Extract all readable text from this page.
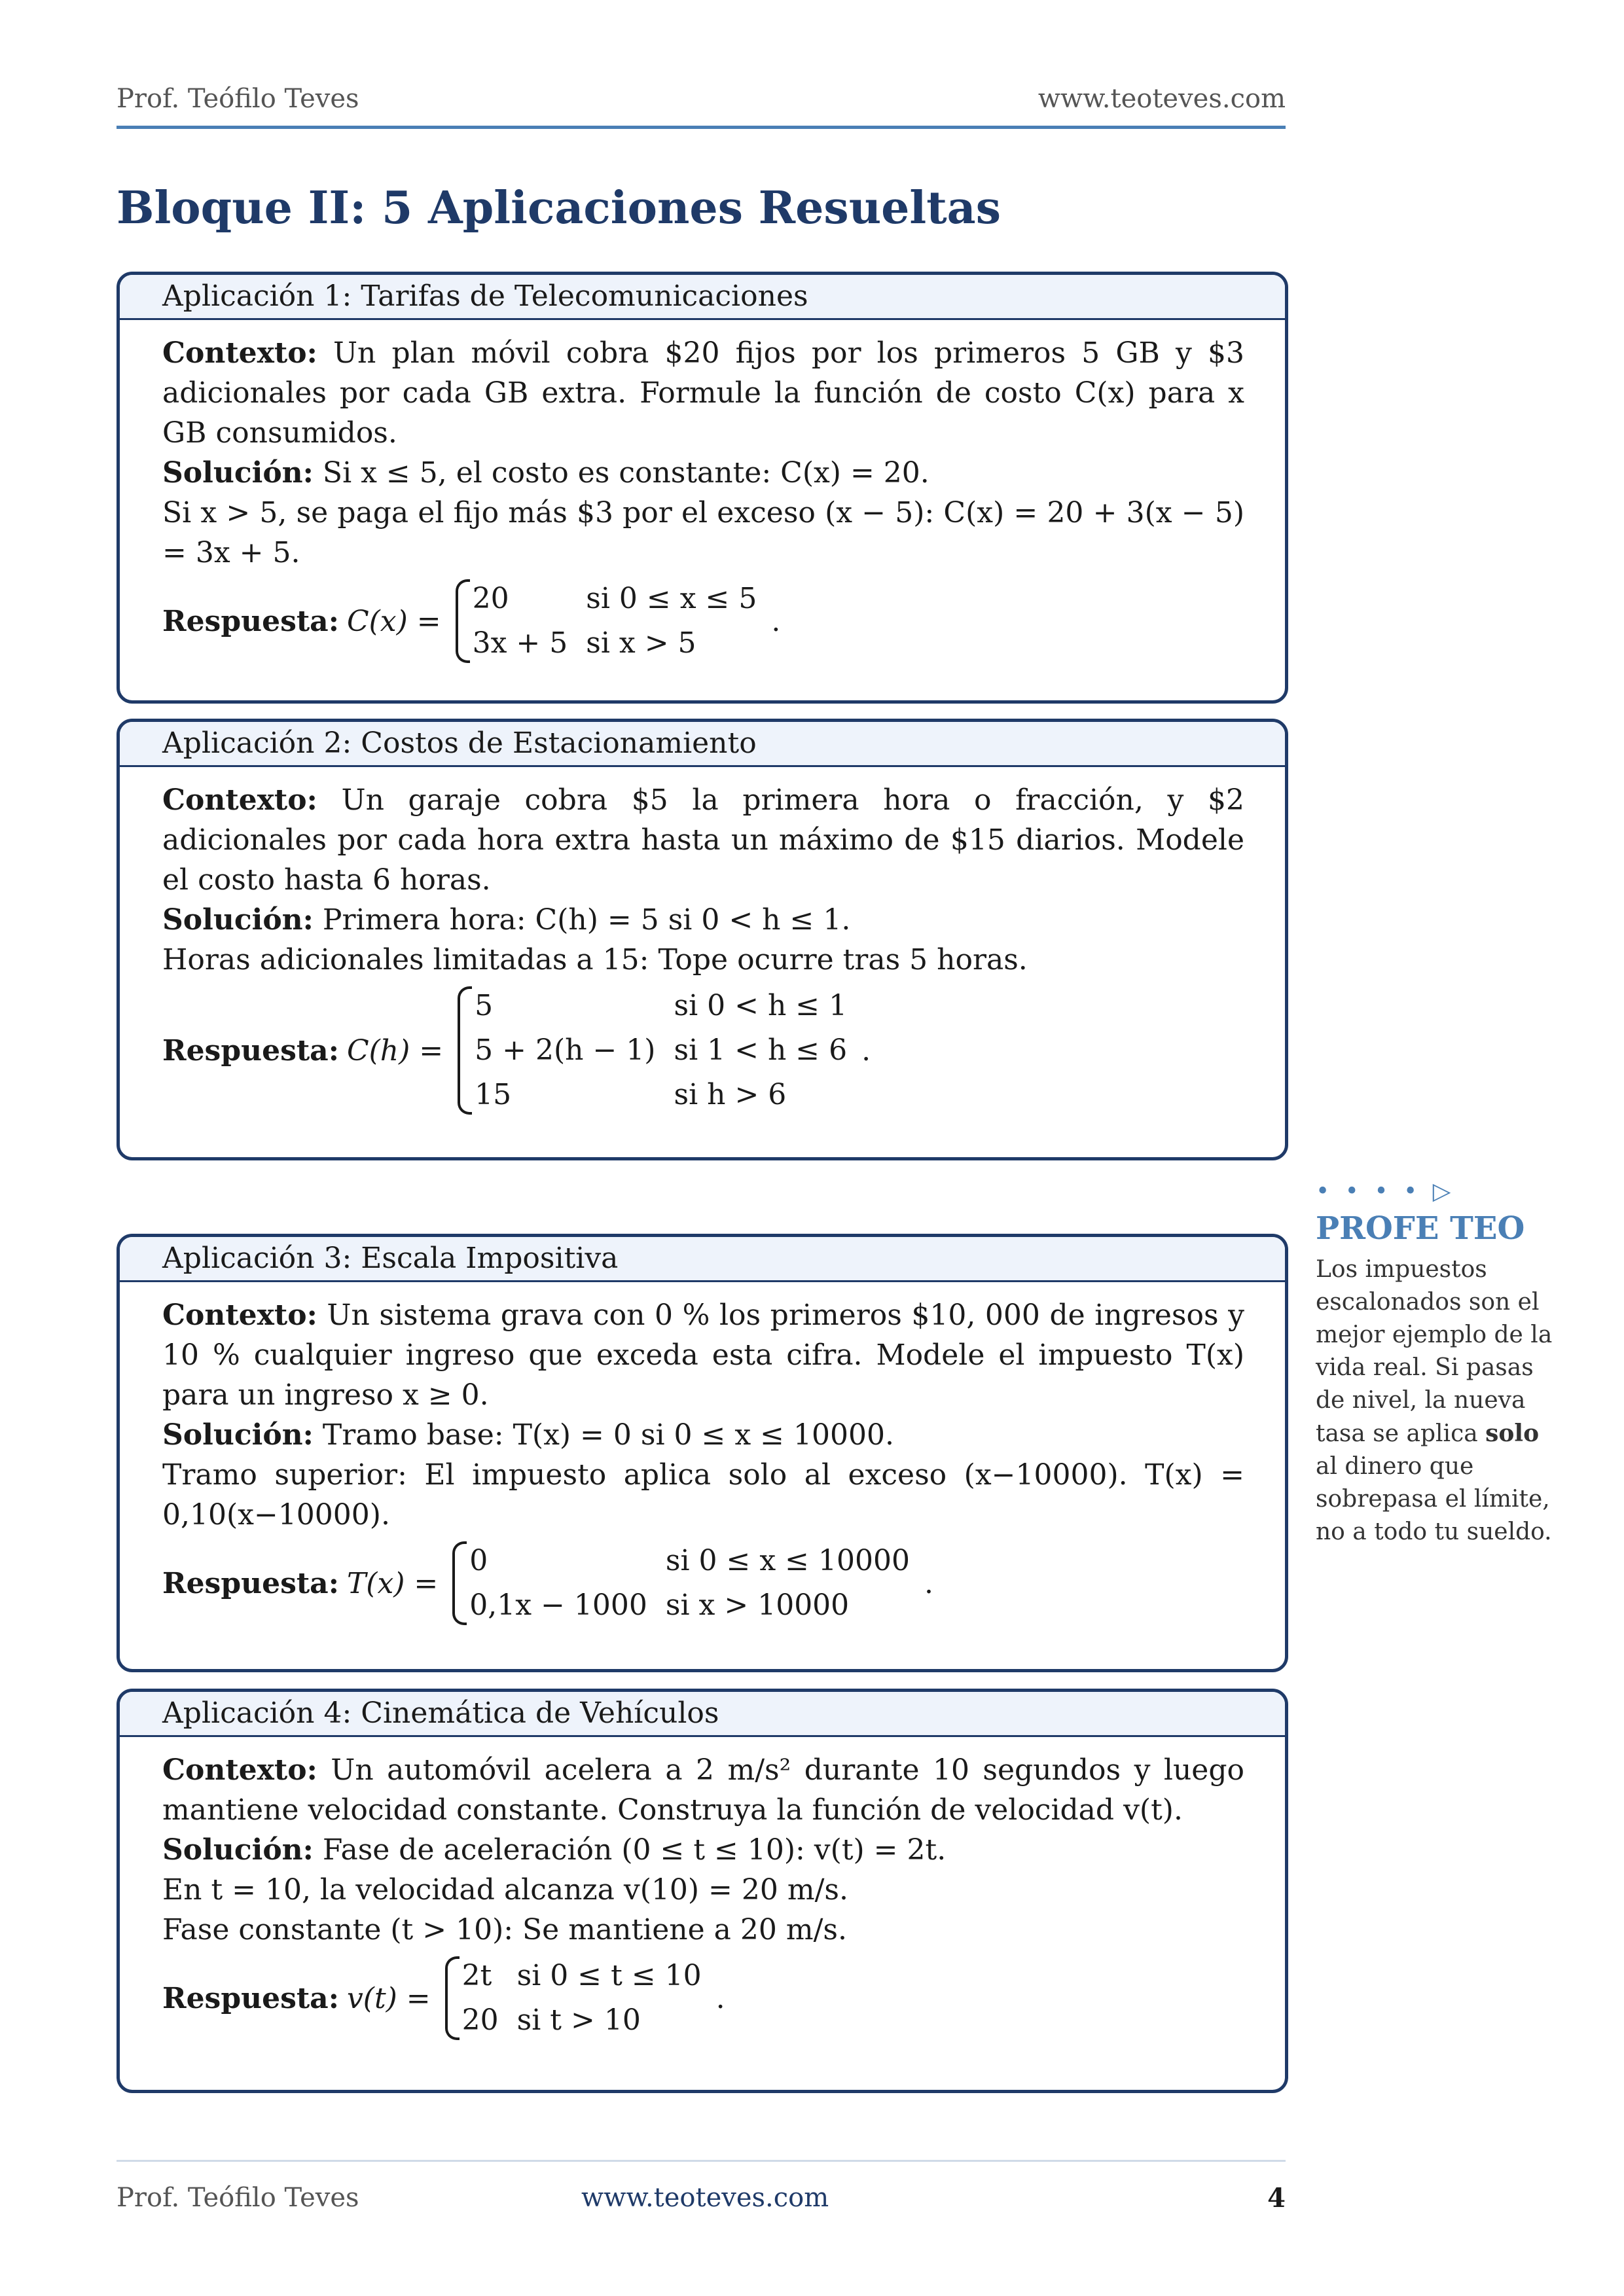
Prof. Teófilo Teves	www.teoteves.com
Bloque II: 5 Aplicaciones Resueltas
Aplicación 1: Tarifas de Telecomunicaciones

Contexto: Un plan móvil cobra $20 fijos por los primeros 5 GB y $3 adicionales por cada GB extra. Formule la función de costo C(x) para x GB consumidos.

Solución: Si x ≤ 5, el costo es constante: C(x) = 20.

Si x > 5, se paga el fijo más $3 por el exceso (x − 5): C(x) = 20 + 3(x − 5) = 3x + 5.

Respuesta: C(x) =
20	si 0 ≤ x ≤ 5
3x + 5	si x > 5
.
Aplicación 2: Costos de Estacionamiento

Contexto: Un garaje cobra $5 la primera hora o fracción, y $2 adicionales por cada hora extra hasta un máximo de $15 diarios. Modele el costo hasta 6 horas.

Solución: Primera hora: C(h) = 5 si 0 < h ≤ 1.

Horas adicionales limitadas a 15: Tope ocurre tras 5 horas.

Respuesta: C(h) =
5	si 0 < h ≤ 1
5 + 2(h − 1)	si 1 < h ≤ 6
15	si h > 6
.
Aplicación 3: Escala Impositiva

Contexto: Un sistema grava con 0 % los primeros $10, 000 de ingresos y 10 % cualquier ingreso que exceda esta cifra. Modele el impuesto T(x) para un ingreso x ≥ 0.

Solución: Tramo base: T(x) = 0 si 0 ≤ x ≤ 10000.

Tramo superior: El impuesto aplica solo al exceso (x−10000). T(x) = 0,10(x−10000).

Respuesta: T(x) =
0	si 0 ≤ x ≤ 10000
0,1x − 1000	si x > 10000
.
Aplicación 4: Cinemática de Vehículos

Contexto: Un automóvil acelera a 2 m/s² durante 10 segundos y luego mantiene velocidad constante. Construya la función de velocidad v(t).

Solución: Fase de aceleración (0 ≤ t ≤ 10): v(t) = 2t.

En t = 10, la velocidad alcanza v(10) = 20 m/s.

Fase constante (t > 10): Se mantiene a 20 m/s.

Respuesta: v(t) =
2t	si 0 ≤ t ≤ 10
20	si t > 10
.
• • • • ▷
PROFE TEO
Los impuestos escalonados son el mejor ejemplo de la vida real. Si pasas de nivel, la nueva tasa se aplica solo al dinero que sobrepasa el límite, no a todo tu sueldo.
Prof. Teófilo Teves	www.teoteves.com	4
